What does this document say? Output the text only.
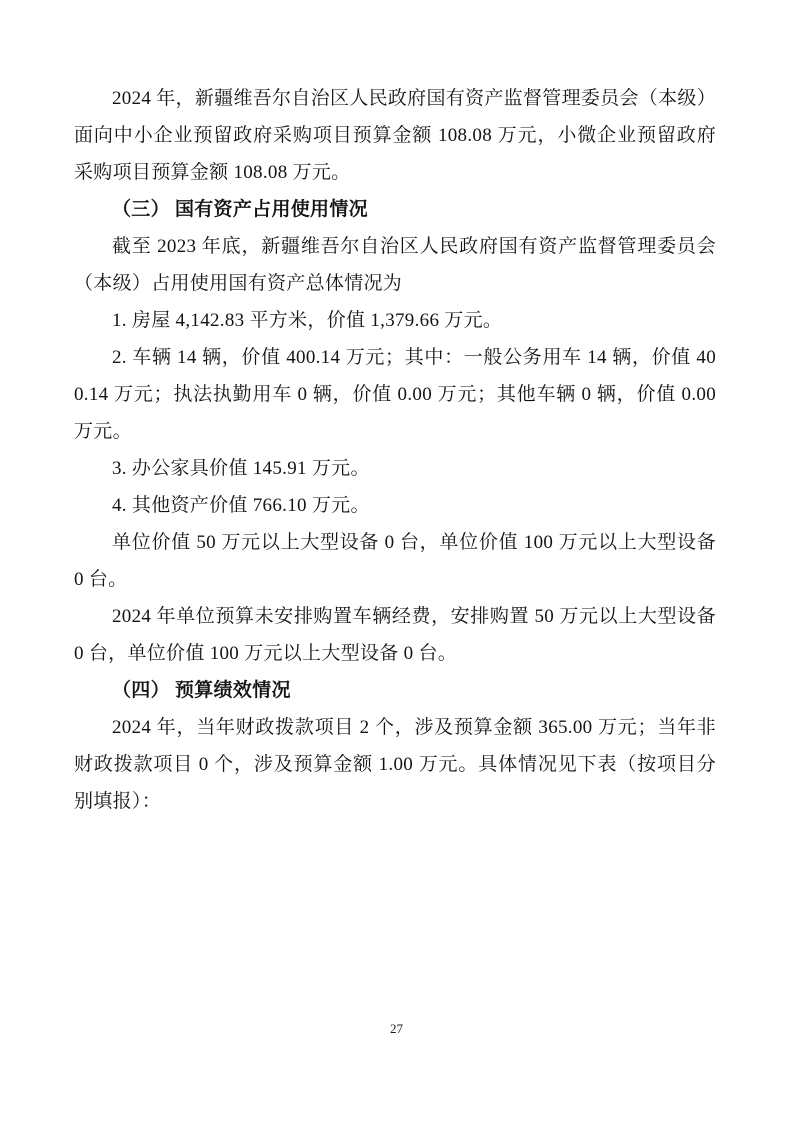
2024 年，新疆维吾尔自治区人民政府国有资产监督管理委员会（本级）面向中小企业预留政府采购项目预算金额 108.08 万元，小微企业预留政府采购项目预算金额 108.08 万元。

（三） 国有资产占用使用情况

截至 2023 年底，新疆维吾尔自治区人民政府国有资产监督管理委员会（本级）占用使用国有资产总体情况为

1. 房屋 4,142.83 平方米，价值 1,379.66 万元。

2. 车辆 14 辆，价值 400.14 万元；其中：一般公务用车 14 辆，价值 400.14 万元；执法执勤用车 0 辆，价值 0.00 万元；其他车辆 0 辆，价值 0.00 万元。

3. 办公家具价值 145.91 万元。

4. 其他资产价值 766.10 万元。

单位价值 50 万元以上大型设备 0 台，单位价值 100 万元以上大型设备 0 台。

2024 年单位预算未安排购置车辆经费，安排购置 50 万元以上大型设备 0 台，单位价值 100 万元以上大型设备 0 台。

（四） 预算绩效情况

2024 年，当年财政拨款项目 2 个，涉及预算金额 365.00 万元；当年非财政拨款项目 0 个，涉及预算金额 1.00 万元。具体情况见下表（按项目分别填报）：

27
